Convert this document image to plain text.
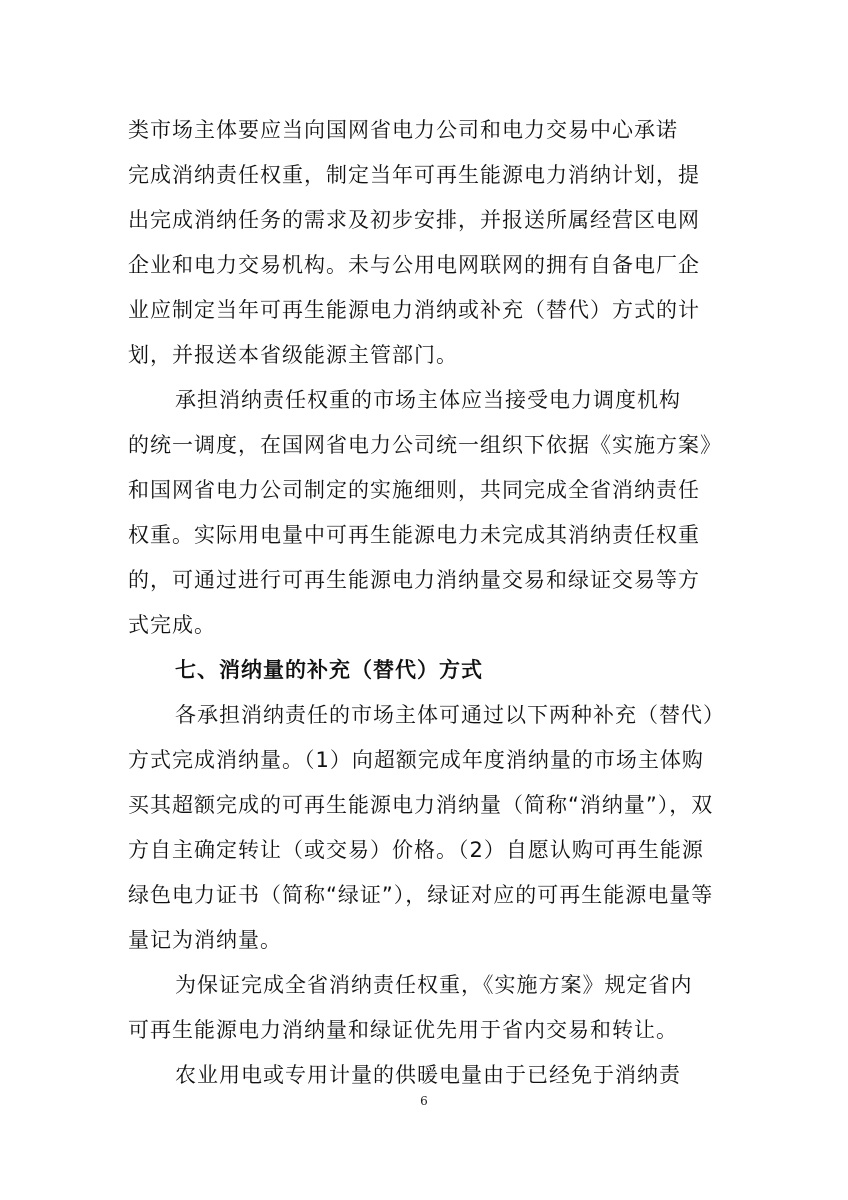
类市场主体要应当向国网省电力公司和电力交易中心承诺
完成消纳责任权重，制定当年可再生能源电力消纳计划，提
出完成消纳任务的需求及初步安排，并报送所属经营区电网
企业和电力交易机构。未与公用电网联网的拥有自备电厂企
业应制定当年可再生能源电力消纳或补充（替代）方式的计
划，并报送本省级能源主管部门。
承担消纳责任权重的市场主体应当接受电力调度机构
的统一调度，在国网省电力公司统一组织下依据《实施方案》
和国网省电力公司制定的实施细则，共同完成全省消纳责任
权重。实际用电量中可再生能源电力未完成其消纳责任权重
的，可通过进行可再生能源电力消纳量交易和绿证交易等方
式完成。
七、消纳量的补充（替代）方式
各承担消纳责任的市场主体可通过以下两种补充（替代）
方式完成消纳量。（1）向超额完成年度消纳量的市场主体购
买其超额完成的可再生能源电力消纳量（简称“消纳量”），双
方自主确定转让（或交易）价格。（2）自愿认购可再生能源
绿色电力证书（简称“绿证”），绿证对应的可再生能源电量等
量记为消纳量。
为保证完成全省消纳责任权重，《实施方案》规定省内
可再生能源电力消纳量和绿证优先用于省内交易和转让。
农业用电或专用计量的供暖电量由于已经免于消纳责
6
